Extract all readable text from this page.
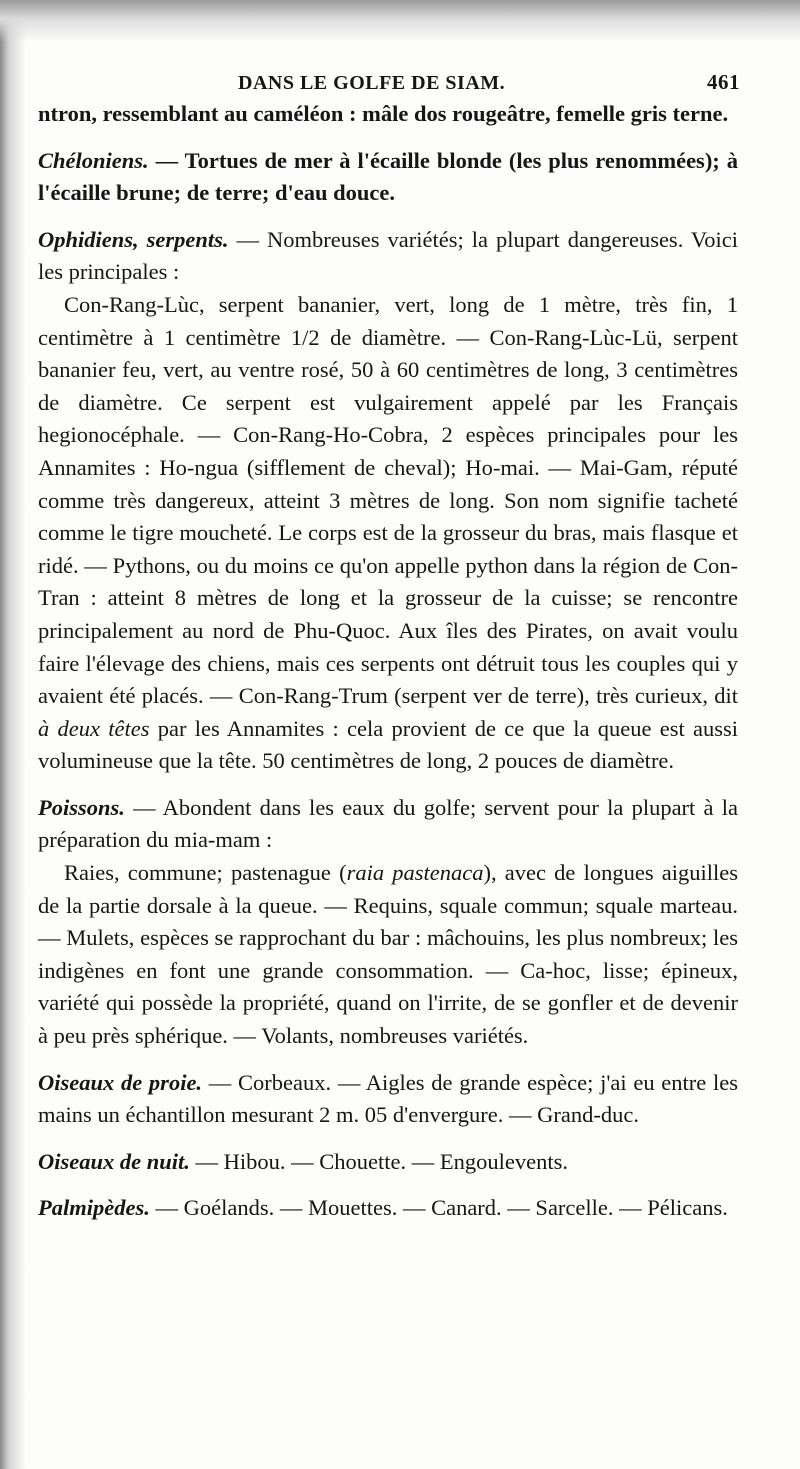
DANS LE GOLFE DE SIAM.	461

ntron, ressemblant au caméléon : mâle dos rougeâtre, femelle gris terne.

Chéloniens. — Tortues de mer à l'écaille blonde (les plus renommées); à l'écaille brune; de terre; d'eau douce.

Ophidiens, serpents. — Nombreuses variétés; la plupart dangereuses. Voici les principales :

Con-Rang-Lùc, serpent bananier, vert, long de 1 mètre, très fin, 1 centimètre à 1 centimètre 1/2 de diamètre. — Con-Rang-Lùc-Lü, serpent bananier feu, vert, au ventre rosé, 50 à 60 centimètres de long, 3 centimètres de diamètre. Ce serpent est vulgairement appelé par les Français hegionocéphale. — Con-Rang-Ho-Cobra, 2 espèces principales pour les Annamites : Ho-ngua (sifflement de cheval); Ho-mai. — Mai-Gam, réputé comme très dangereux, atteint 3 mètres de long. Son nom signifie tacheté comme le tigre moucheté. Le corps est de la grosseur du bras, mais flasque et ridé. — Pythons, ou du moins ce qu'on appelle python dans la région de Con-Tran : atteint 8 mètres de long et la grosseur de la cuisse; se rencontre principalement au nord de Phu-Quoc. Aux îles des Pirates, on avait voulu faire l'élevage des chiens, mais ces serpents ont détruit tous les couples qui y avaient été placés. — Con-Rang-Trum (serpent ver de terre), très curieux, dit à deux têtes par les Annamites : cela provient de ce que la queue est aussi volumineuse que la tête. 50 centimètres de long, 2 pouces de diamètre.

Poissons. — Abondent dans les eaux du golfe; servent pour la plupart à la préparation du mia-mam :

Raies, commune; pastenague (raia pastenaca), avec de longues aiguilles de la partie dorsale à la queue. — Requins, squale commun; squale marteau. — Mulets, espèces se rapprochant du bar : mâchouins, les plus nombreux; les indigènes en font une grande consommation. — Ca-hoc, lisse; épineux, variété qui possède la propriété, quand on l'irrite, de se gonfler et de devenir à peu près sphérique. — Volants, nombreuses variétés.

Oiseaux de proie. — Corbeaux. — Aigles de grande espèce; j'ai eu entre les mains un échantillon mesurant 2 m. 05 d'envergure. — Grand-duc.

Oiseaux de nuit. — Hibou. — Chouette. — Engoulevents.

Palmipèdes. — Goélands. — Mouettes. — Canard. — Sarcelle. — Pélicans.
